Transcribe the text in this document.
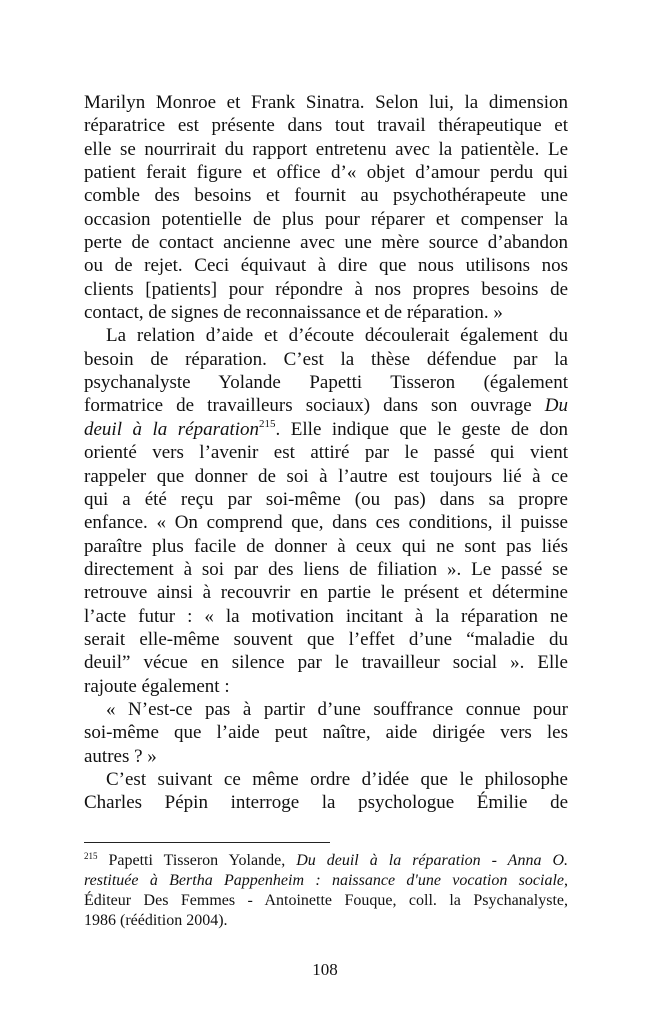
Marilyn Monroe et Frank Sinatra. Selon lui, la dimension
réparatrice est présente dans tout travail thérapeutique et
elle se nourrirait du rapport entretenu avec la patientèle. Le
patient ferait figure et office d’« objet d’amour perdu qui
comble des besoins et fournit au psychothérapeute une
occasion potentielle de plus pour réparer et compenser la
perte de contact ancienne avec une mère source d’abandon
ou de rejet. Ceci équivaut à dire que nous utilisons nos
clients [patients] pour répondre à nos propres besoins de
contact, de signes de reconnaissance et de réparation. »
La relation d’aide et d’écoute découlerait également du
besoin de réparation. C’est la thèse défendue par la
psychanalyste Yolande Papetti Tisseron (également
formatrice de travailleurs sociaux) dans son ouvrage Du
deuil à la réparation$^{215}$. Elle indique que le geste de don
orienté vers l’avenir est attiré par le passé qui vient
rappeler que donner de soi à l’autre est toujours lié à ce
qui a été reçu par soi-même (ou pas) dans sa propre
enfance. « On comprend que, dans ces conditions, il puisse
paraître plus facile de donner à ceux qui ne sont pas liés
directement à soi par des liens de filiation ». Le passé se
retrouve ainsi à recouvrir en partie le présent et détermine
l’acte futur : « la motivation incitant à la réparation ne
serait elle-même souvent que l’effet d’une “maladie du
deuil” vécue en silence par le travailleur social ». Elle
rajoute également :
« N’est-ce pas à partir d’une souffrance connue pour
soi-même que l’aide peut naître, aide dirigée vers les
autres ? »
C’est suivant ce même ordre d’idée que le philosophe
Charles Pépin interroge la psychologue Émilie de
$^{215}$ Papetti Tisseron Yolande, Du deuil à la réparation - Anna O.
restituée à Bertha Pappenheim : naissance d'une vocation sociale,
Éditeur Des Femmes - Antoinette Fouque, coll. la Psychanalyste,
1986 (réédition 2004).
108
